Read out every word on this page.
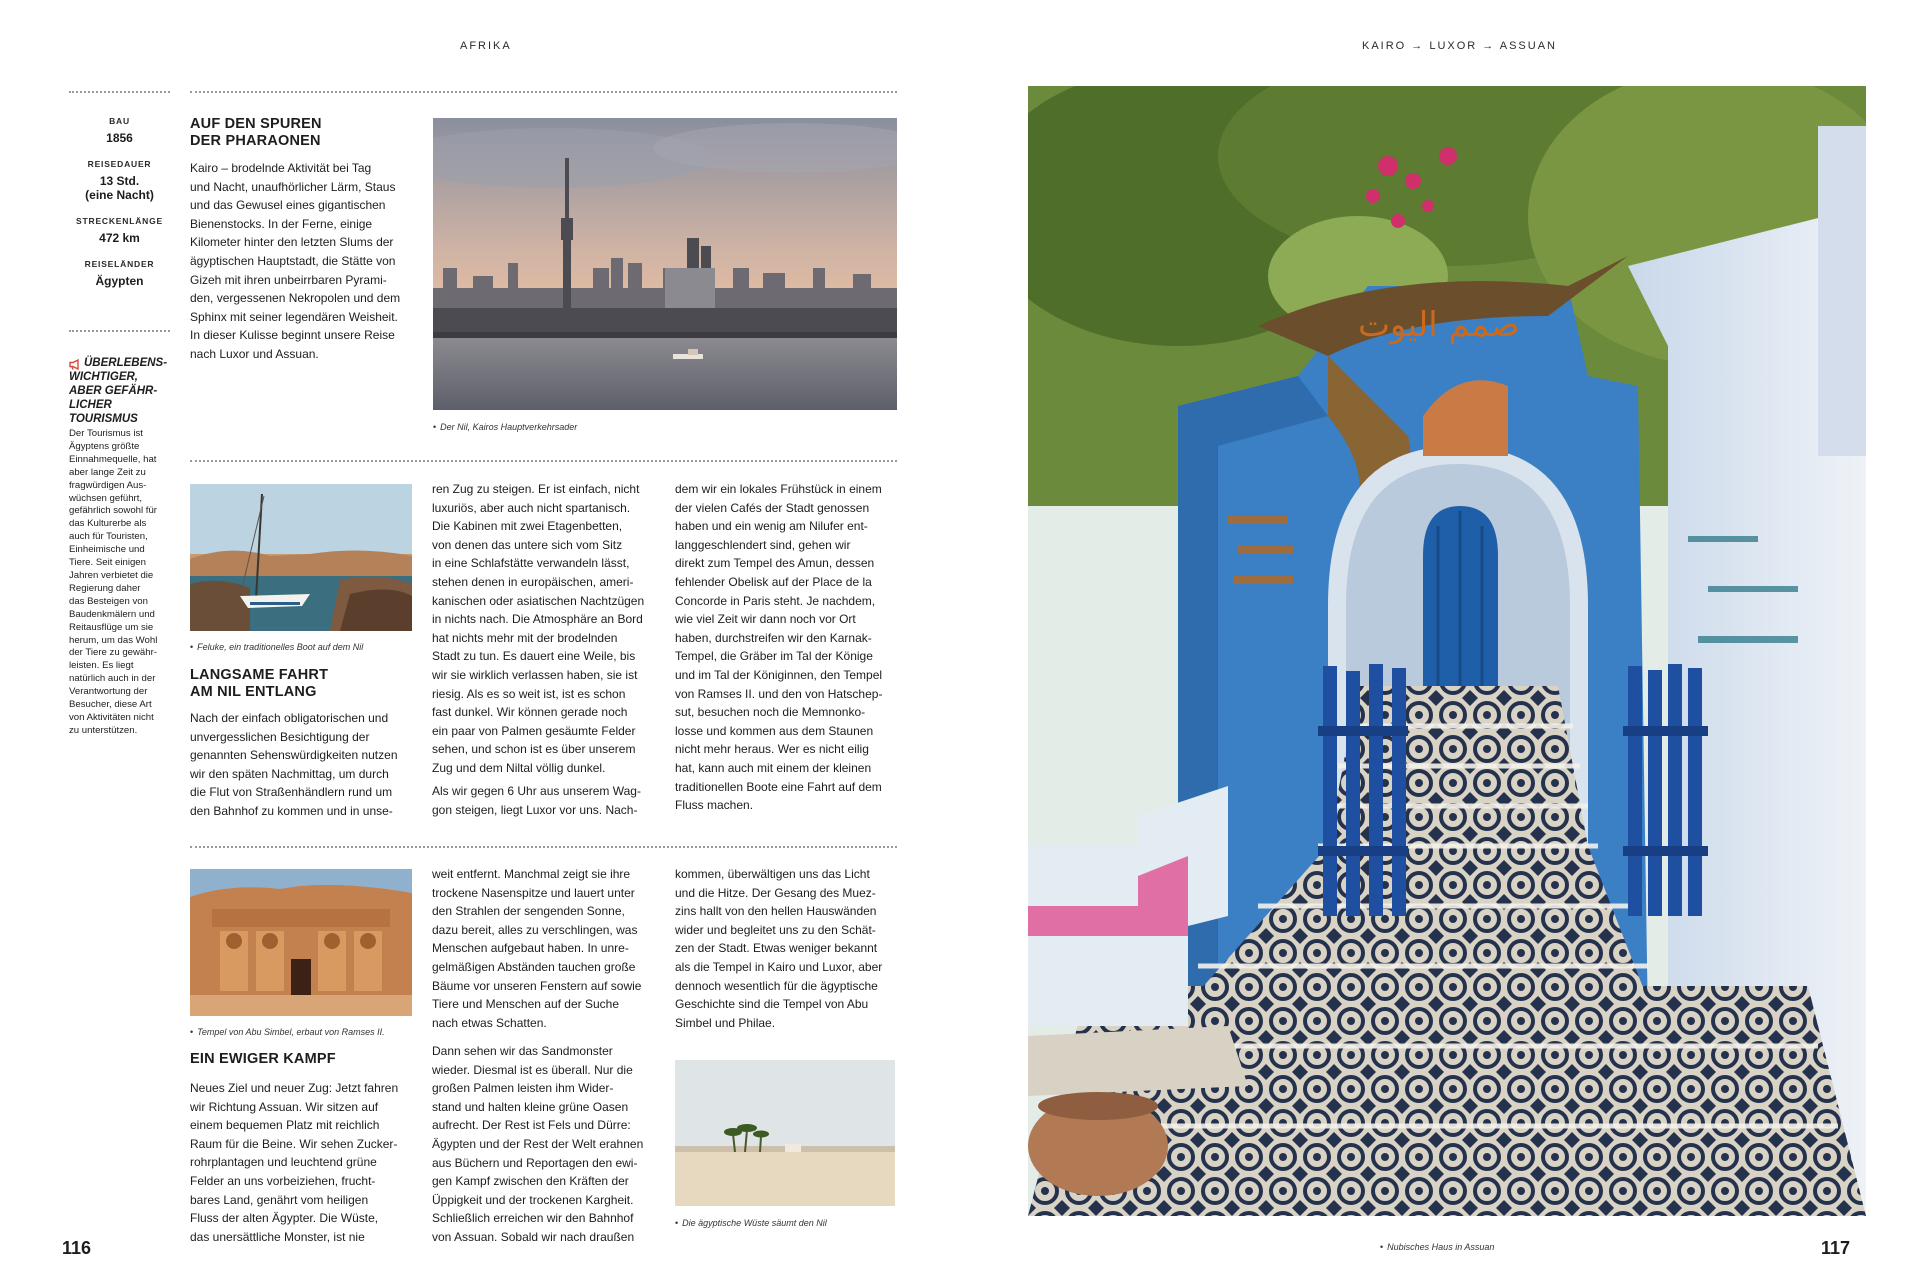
AFRIKA	KAIRO → LUXOR → ASSUAN
BAU
1856
REISEDAUER
13 Std.
(eine Nacht)
STRECKENLÄNGE
472 km
REISELÄNDER
Ägypten
ÜBERLEBENS-
WICHTIGER,
ABER GEFÄHR-
LICHER
TOURISMUS
Der Tourismus ist
Ägyptens größte
Einnahmequelle, hat
aber lange Zeit zu
fragwürdigen Aus-
wüchsen geführt,
gefährlich sowohl für
das Kulturerbe als
auch für Touristen,
Einheimische und
Tiere. Seit einigen
Jahren verbietet die
Regierung daher
das Besteigen von
Baudenkmälern und
Reitausflüge um sie
herum, um das Wohl
der Tiere zu gewähr-
leisten. Es liegt
natürlich auch in der
Verantwortung der
Besucher, diese Art
von Aktivitäten nicht
zu unterstützen.
AUF DEN SPUREN
DER PHARAONEN
Kairo – brodelnde Aktivität bei Tag
und Nacht, unaufhörlicher Lärm, Staus
und das Gewusel eines gigantischen
Bienenstocks. In der Ferne, einige
Kilometer hinter den letzten Slums der
ägyptischen Hauptstadt, die Stätte von
Gizeh mit ihren unbeirrbaren Pyrami-
den, vergessenen Nekropolen und dem
Sphinx mit seiner legendären Weisheit.
In dieser Kulisse beginnt unsere Reise
nach Luxor und Assuan.
• Der Nil, Kairos Hauptverkehrsader
• Feluke, ein traditionelles Boot auf dem Nil
LANGSAME FAHRT
AM NIL ENTLANG
Nach der einfach obligatorischen und
unvergesslichen Besichtigung der
genannten Sehenswürdigkeiten nutzen
wir den späten Nachmittag, um durch
die Flut von Straßenhändlern rund um
den Bahnhof zu kommen und in unse-
ren Zug zu steigen. Er ist einfach, nicht
luxuriös, aber auch nicht spartanisch.
Die Kabinen mit zwei Etagenbetten,
von denen das untere sich vom Sitz
in eine Schlafstätte verwandeln lässt,
stehen denen in europäischen, ameri-
kanischen oder asiatischen Nachtzügen
in nichts nach. Die Atmosphäre an Bord
hat nichts mehr mit der brodelnden
Stadt zu tun. Es dauert eine Weile, bis
wir sie wirklich verlassen haben, sie ist
riesig. Als es so weit ist, ist es schon
fast dunkel. Wir können gerade noch
ein paar von Palmen gesäumte Felder
sehen, und schon ist es über unserem
Zug und dem Niltal völlig dunkel.
Als wir gegen 6 Uhr aus unserem Wag-
gon steigen, liegt Luxor vor uns. Nach-
dem wir ein lokales Frühstück in einem
der vielen Cafés der Stadt genossen
haben und ein wenig am Nilufer ent-
langgeschlendert sind, gehen wir
direkt zum Tempel des Amun, dessen
fehlender Obelisk auf der Place de la
Concorde in Paris steht. Je nachdem,
wie viel Zeit wir dann noch vor Ort
haben, durchstreifen wir den Karnak-
Tempel, die Gräber im Tal der Könige
und im Tal der Königinnen, den Tempel
von Ramses II. und den von Hatschep-
sut, besuchen noch die Memnonko-
losse und kommen aus dem Staunen
nicht mehr heraus. Wer es nicht eilig
hat, kann auch mit einem der kleinen
traditionellen Boote eine Fahrt auf dem
Fluss machen.
• Tempel von Abu Simbel, erbaut von Ramses II.
EIN EWIGER KAMPF
Neues Ziel und neuer Zug: Jetzt fahren
wir Richtung Assuan. Wir sitzen auf
einem bequemen Platz mit reichlich
Raum für die Beine. Wir sehen Zucker-
rohrplantagen und leuchtend grüne
Felder an uns vorbeiziehen, frucht-
bares Land, genährt vom heiligen
Fluss der alten Ägypter. Die Wüste,
das unersättliche Monster, ist nie
weit entfernt. Manchmal zeigt sie ihre
trockene Nasenspitze und lauert unter
den Strahlen der sengenden Sonne,
dazu bereit, alles zu verschlingen, was
Menschen aufgebaut haben. In unre-
gelmäßigen Abständen tauchen große
Bäume vor unseren Fenstern auf sowie
Tiere und Menschen auf der Suche
nach etwas Schatten.
Dann sehen wir das Sandmonster
wieder. Diesmal ist es überall. Nur die
großen Palmen leisten ihm Wider-
stand und halten kleine grüne Oasen
aufrecht. Der Rest ist Fels und Dürre:
Ägypten und der Rest der Welt erahnen
aus Büchern und Reportagen den ewi-
gen Kampf zwischen den Kräften der
Üppigkeit und der trockenen Kargheit.
Schließlich erreichen wir den Bahnhof
von Assuan. Sobald wir nach draußen
kommen, überwältigen uns das Licht
und die Hitze. Der Gesang des Muez-
zins hallt von den hellen Hauswänden
wider und begleitet uns zu den Schät-
zen der Stadt. Etwas weniger bekannt
als die Tempel in Kairo und Luxor, aber
dennoch wesentlich für die ägyptische
Geschichte sind die Tempel von Abu
Simbel und Philae.
• Die ägyptische Wüste säumt den Nil
116	117
صمم اليوت
• Nubisches Haus in Assuan
